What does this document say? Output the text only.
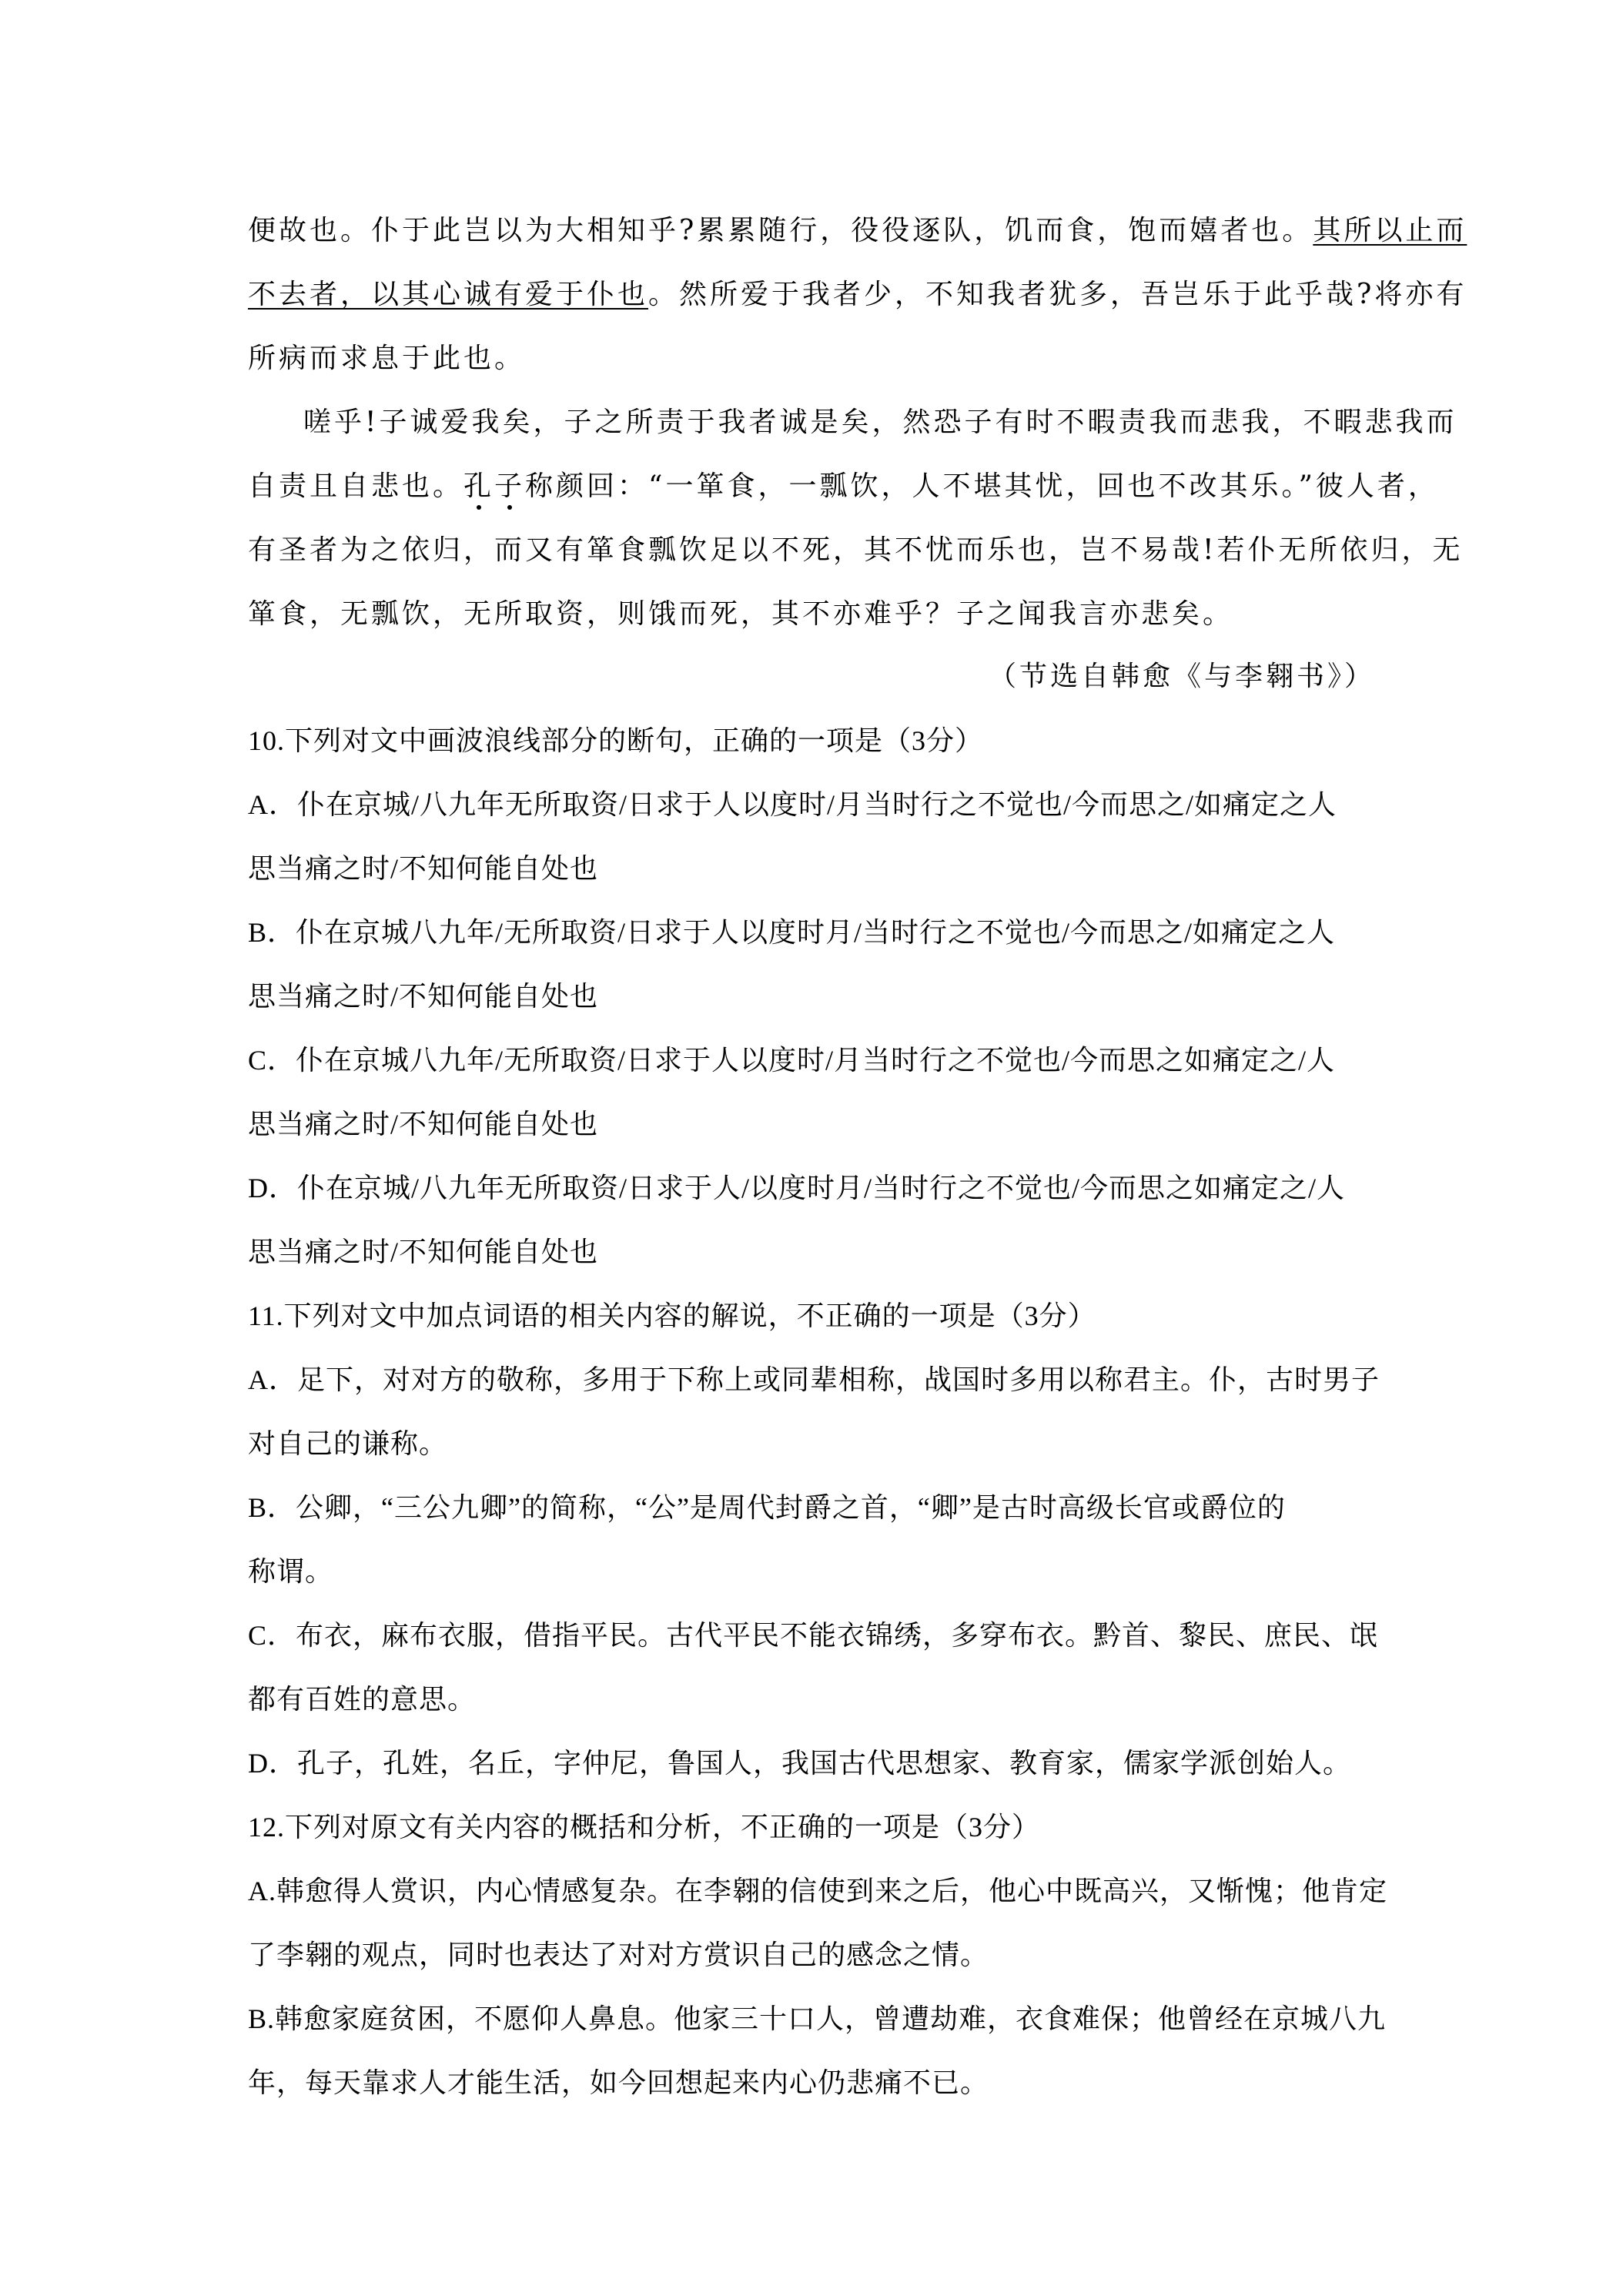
便故也。仆于此岂以为大相知乎?累累随行，役役逐队，饥而食，饱而嬉者也。其所以止而
不去者，以其心诚有爱于仆也。然所爱于我者少，不知我者犹多，吾岂乐于此乎哉?将亦有
所病而求息于此也。
嗟乎!子诚爱我矣，子之所责于我者诚是矣，然恐子有时不暇责我而悲我，不暇悲我而
自责且自悲也。孔子称颜回：“一箪食，一瓢饮，人不堪其忧，回也不改其乐。”彼人者，
有圣者为之依归，而又有箪食瓢饮足以不死，其不忧而乐也，岂不易哉!若仆无所依归，无
箪食，无瓢饮，无所取资，则饿而死，其不亦难乎？子之闻我言亦悲矣。
（节选自韩愈《与李翱书》）
10.下列对文中画波浪线部分的断句，正确的一项是（3分）
A．仆在京城/八九年无所取资/日求于人以度时/月当时行之不觉也/今而思之/如痛定之人
思当痛之时/不知何能自处也
B．仆在京城八九年/无所取资/日求于人以度时月/当时行之不觉也/今而思之/如痛定之人
思当痛之时/不知何能自处也
C．仆在京城八九年/无所取资/日求于人以度时/月当时行之不觉也/今而思之如痛定之/人
思当痛之时/不知何能自处也
D．仆在京城/八九年无所取资/日求于人/以度时月/当时行之不觉也/今而思之如痛定之/人
思当痛之时/不知何能自处也
11.下列对文中加点词语的相关内容的解说，不正确的一项是（3分）
A．足下，对对方的敬称，多用于下称上或同辈相称，战国时多用以称君主。仆，古时男子
对自己的谦称。
B．公卿，“三公九卿”的简称，“公”是周代封爵之首，“卿”是古时高级长官或爵位的
称谓。
C．布衣，麻布衣服，借指平民。古代平民不能衣锦绣，多穿布衣。黔首、黎民、庶民、氓
都有百姓的意思。
D．孔子，孔姓，名丘，字仲尼，鲁国人，我国古代思想家、教育家，儒家学派创始人。
12.下列对原文有关内容的概括和分析，不正确的一项是（3分）
A.韩愈得人赏识，内心情感复杂。在李翱的信使到来之后，他心中既高兴，又惭愧；他肯定
了李翱的观点，同时也表达了对对方赏识自己的感念之情。
B.韩愈家庭贫困，不愿仰人鼻息。他家三十口人，曾遭劫难，衣食难保；他曾经在京城八九
年，每天靠求人才能生活，如今回想起来内心仍悲痛不已。
